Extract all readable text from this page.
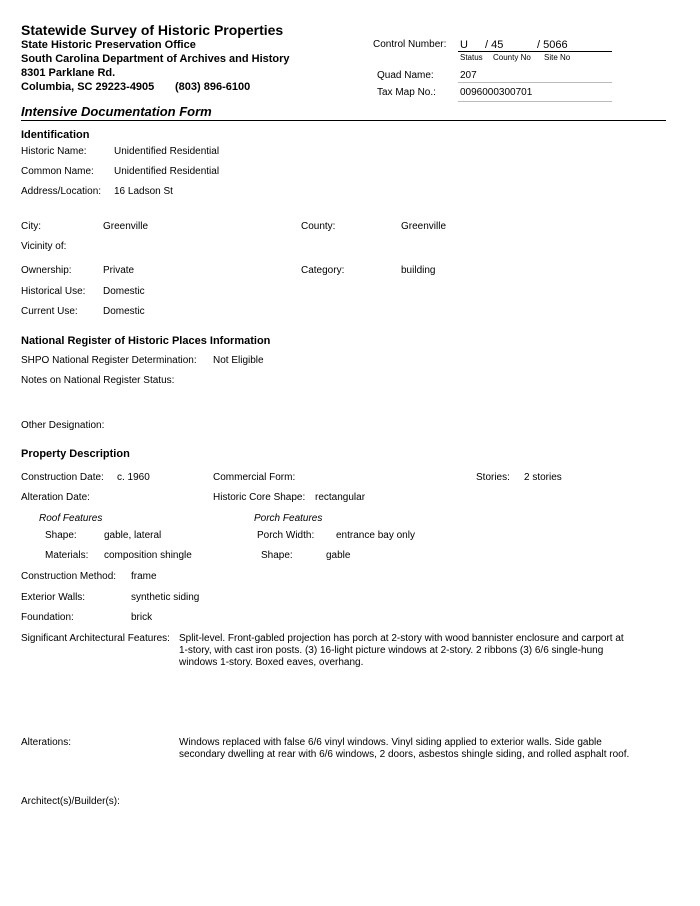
Statewide Survey of Historic Properties
State Historic Preservation Office
South Carolina Department of Archives and History
8301 Parklane Rd.
Columbia, SC 29223-4905 (803) 896-6100
Control Number: U / 45	/ 5066
Status County No Site No
Quad Name:	207
Tax Map No.: 0096000300701
Intensive Documentation Form
Identification
Historic Name:	Unidentified Residential
Common Name: Unidentified Residential
Address/Location: 16 Ladson St
City:	Greenville	County:	Greenville
Vicinity of:
Ownership:	Private	Category:	building
Historical Use: Domestic
Current Use:	Domestic
National Register of Historic Places Information
SHPO National Register Determination: Not Eligible
Notes on National Register Status:
Other Designation:
Property Description
Construction Date: c. 1960	Commercial Form:	Stories: 2 stories
Alteration Date:	Historic Core Shape: rectangular
Roof Features	Porch Features
Shape:	gable, lateral	Porch Width: entrance bay only
Materials: composition shingle	Shape:	gable
Construction Method: frame
Exterior Walls:	synthetic siding
Foundation:	brick
Significant Architectural Features: Split-level. Front-gabled projection has porch at 2-story with wood bannister enclosure and carport at 1-story, with cast iron posts. (3) 16-light picture windows at 2-story. 2 ribbons (3) 6/6 single-hung windows 1-story. Boxed eaves, overhang.
Alterations:	Windows replaced with false 6/6 vinyl windows. Vinyl siding applied to exterior walls. Side gable secondary dwelling at rear with 6/6 windows, 2 doors, asbestos shingle siding, and rolled asphalt roof.
Architect(s)/Builder(s):
